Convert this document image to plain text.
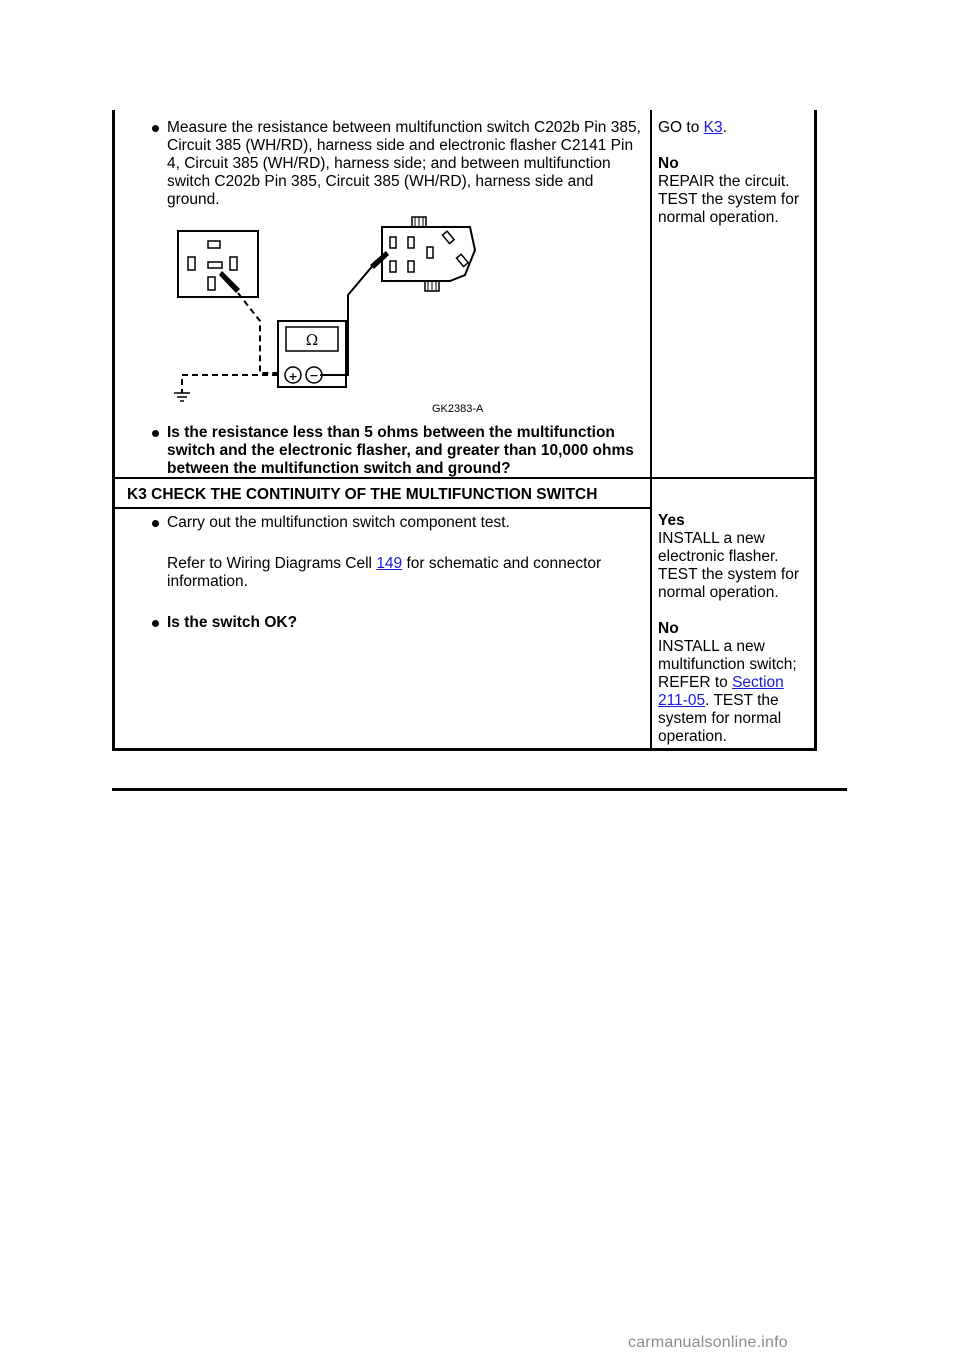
Measure the resistance between multifunction switch C202b Pin 385, Circuit 385 (WH/RD), harness side and electronic flasher C2141 Pin 4, Circuit 385 (WH/RD), harness side; and between multifunction switch C202b Pin 385, Circuit 385 (WH/RD), harness side and ground.
Ω
+ −
GK2383-A
Is the resistance less than 5 ohms between the multifunction switch and the electronic flasher, and greater than 10,000 ohms between the multifunction switch and ground?
GO to K3.
No
REPAIR the circuit. TEST the system for normal operation.
K3 CHECK THE CONTINUITY OF THE MULTIFUNCTION SWITCH
Carry out the multifunction switch component test.
Refer to Wiring Diagrams Cell 149 for schematic and connector information.
Is the switch OK?
Yes
INSTALL a new electronic flasher. TEST the system for normal operation.
No
INSTALL a new multifunction switch; REFER to Section 211-05. TEST the system for normal operation.
carmanualsonline.info
